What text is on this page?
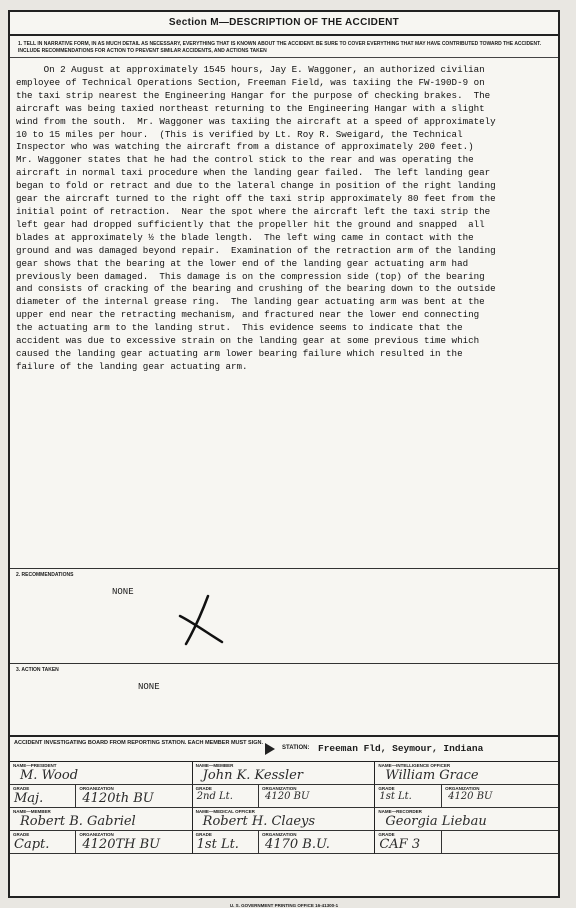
Section M—DESCRIPTION OF THE ACCIDENT
1. TELL IN NARRATIVE FORM, IN AS MUCH DETAIL AS NECESSARY, EVERYTHING THAT IS KNOWN ABOUT THE ACCIDENT. BE SURE TO COVER EVERYTHING THAT MAY HAVE CONTRIBUTED TOWARD THE ACCIDENT. INCLUDE RECOMMENDATIONS FOR ACTION TO PREVENT SIMILAR ACCIDENTS, AND ACTIONS TAKEN
On 2 August at approximately 1545 hours, Jay E. Waggoner, an authorized civilian
employee of Technical Operations Section, Freeman Field, was taxiing the FW-190D-9 on
the taxi strip nearest the Engineering Hangar for the purpose of checking brakes.  The
aircraft was being taxied northeast returning to the Engineering Hangar with a slight
wind from the south.  Mr. Waggoner was taxiing the aircraft at a speed of approximately
10 to 15 miles per hour.  (This is verified by Lt. Roy R. Sweigard, the Technical
Inspector who was watching the aircraft from a distance of approximately 200 feet.)
Mr. Waggoner states that he had the control stick to the rear and was operating the
aircraft in normal taxi procedure when the landing gear failed.  The left landing gear
began to fold or retract and due to the lateral change in position of the right landing
gear the aircraft turned to the right off the taxi strip approximately 80 feet from the
initial point of retraction.  Near the spot where the aircraft left the taxi strip the
left gear had dropped sufficiently that the propeller hit the ground and snapped  all
blades at approximately ½ the blade length.  The left wing came in contact with the
ground and was damaged beyond repair.  Examination of the retraction arm of the landing
gear shows that the bearing at the lower end of the landing gear actuating arm had
previously been damaged.  This damage is on the compression side (top) of the bearing
and consists of cracking of the bearing and crushing of the bearing down to the outside
diameter of the internal grease ring.  The landing gear actuating arm was bent at the
upper end near the retracting mechanism, and fractured near the lower end connecting
the actuating arm to the landing strut.  This evidence seems to indicate that the
accident was due to excessive strain on the landing gear at some previous time which
caused the landing gear actuating arm lower bearing failure which resulted in the
failure of the landing gear actuating arm.
2. RECOMMENDATIONS
NONE
3. ACTION TAKEN
NONE
ACCIDENT INVESTIGATING BOARD FROM REPORTING STATION. EACH MEMBER MUST SIGN.
STATION: Freeman Fld, Seymour, Indiana
NAME—PRESIDENT
M. Wood
NAME—MEMBER
John K. Kessler
NAME—INTELLIGENCE OFFICER
William Grace
GRADE
Maj.
ORGANIZATION
4120th BU
GRADE
2nd Lt.
ORGANIZATION
4120 BU
GRADE
1st Lt.
ORGANIZATION
4120 BU
NAME—MEMBER
Robert B. Gabriel
NAME—MEDICAL OFFICER
Robert H. Claeys
NAME—RECORDER
Georgia Liebau
GRADE
Capt.
ORGANIZATION
4120TH BU
GRADE
1st Lt.
ORGANIZATION
4170 B.U.
GRADE
CAF 3
U. S. GOVERNMENT PRINTING OFFICE 16-41300-1
